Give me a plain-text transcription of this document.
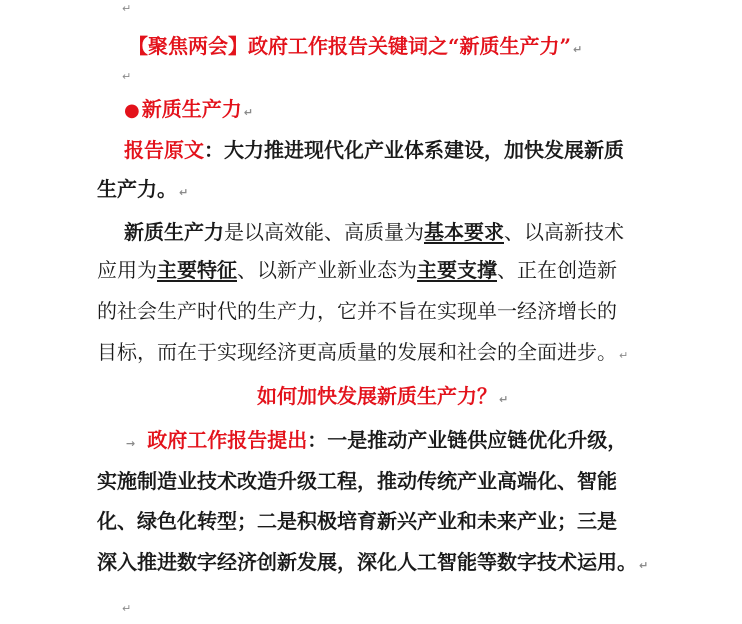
↵
【聚焦两会】政府工作报告关键词之“新质生产力” ↵
↵
● 新质生产力 ↵
报告原文：大力推进现代化产业体系建设，加快发展新质
生产力。 ↵
新质生产力是以高效能、高质量为基本要求、以高新技术
应用为主要特征、以新产业新业态为主要支撑、正在创造新
的社会生产时代的生产力，它并不旨在实现单一经济增长的
目标，而在于实现经济更高质量的发展和社会的全面进步。 ↵
如何加快发展新质生产力？ ↵
→ 政府工作报告提出：一是推动产业链供应链优化升级，
实施制造业技术改造升级工程，推动传统产业高端化、智能
化、绿色化转型；二是积极培育新兴产业和未来产业；三是
深入推进数字经济创新发展，深化人工智能等数字技术运用。 ↵
↵
